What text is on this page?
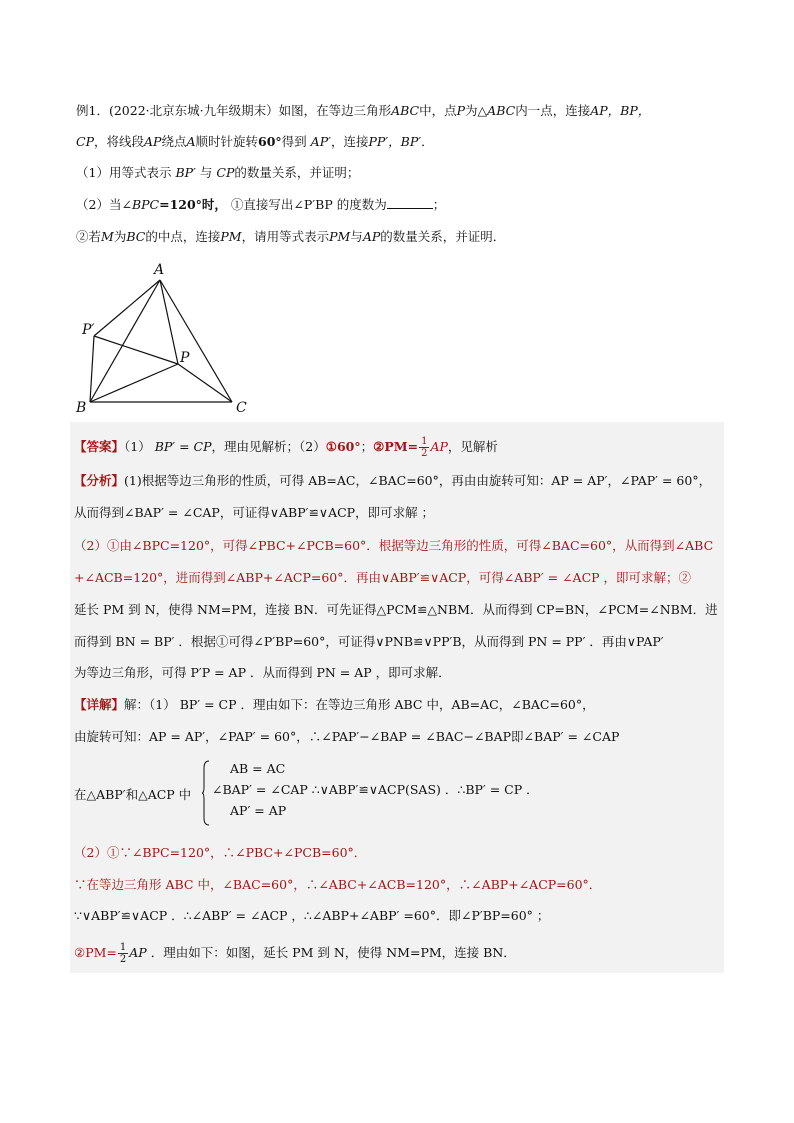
例1．(2022·北京东城·九年级期末）如图，在等边三角形ABC中，点P为△ABC内一点，连接AP，BP，
CP，将线段AP绕点A顺时针旋转60°得到 AP′，连接PP′，BP′．
（1）用等式表示 BP′ 与 CP的数量关系，并证明；
（2）当∠BPC=120°时， ①直接写出∠P′BP 的度数为	；
②若M为BC的中点，连接PM，请用等式表示PM与AP的数量关系，并证明．
A
P′
P
B	C
【答案】（1） BP′ = CP，理由见解析；（2）①60°；②PM= $\frac{1}{2}$ AP，见解析
【分析】(1)根据等边三角形的性质，可得 AB=AC，∠BAC=60°，再由由旋转可知：AP = AP′，∠PAP′ = 60°，
从而得到∠BAP′ = ∠CAP，可证得∨ABP′≌∨ACP，即可求解 ；
（2）①由∠BPC=120°，可得∠PBC+∠PCB=60°．根据等边三角形的性质，可得∠BAC=60°，从而得到∠ABC
+∠ACB=120°，进而得到∠ABP+∠ACP=60°．再由∨ABP′≌∨ACP，可得∠ABP′ = ∠ACP ，即可求解；②
延长 PM 到 N，使得 NM=PM，连接 BN．可先证得△PCM≌△NBM．从而得到 CP=BN，∠PCM=∠NBM．进
而得到 BN = BP′ ．根据①可得∠P′BP=60°，可证得∨PNB≌∨PP′B，从而得到 PN = PP′ ．再由∨PAP′
为等边三角形，可得 P′P = AP ．从而得到 PN = AP ，即可求解．
【详解】解：（1） BP′ = CP ．理由如下：在等边三角形 ABC 中，AB=AC，∠BAC=60°，
由旋转可知：AP = AP′，∠PAP′ = 60°，∴∠PAP′−∠BAP = ∠BAC−∠BAP即∠BAP′ = ∠CAP
在△ABP′和△ACP 中
AB = AC
∠BAP′ = ∠CAP ∴∨ABP′≌∨ACP(SAS) ．∴BP′ = CP ．
AP′ = AP
（2）①∵∠BPC=120°，∴∠PBC+∠PCB=60°．
∵在等边三角形 ABC 中，∠BAC=60°，∴∠ABC+∠ACB=120°，∴∠ABP+∠ACP=60°．
∵∨ABP′≌∨ACP ．∴∠ABP′ = ∠ACP ，∴∠ABP+∠ABP′ =60°．即∠P′BP=60° ；
②PM= $\frac{1}{2}$ AP ．理由如下：如图，延长 PM 到 N，使得 NM=PM，连接 BN．
